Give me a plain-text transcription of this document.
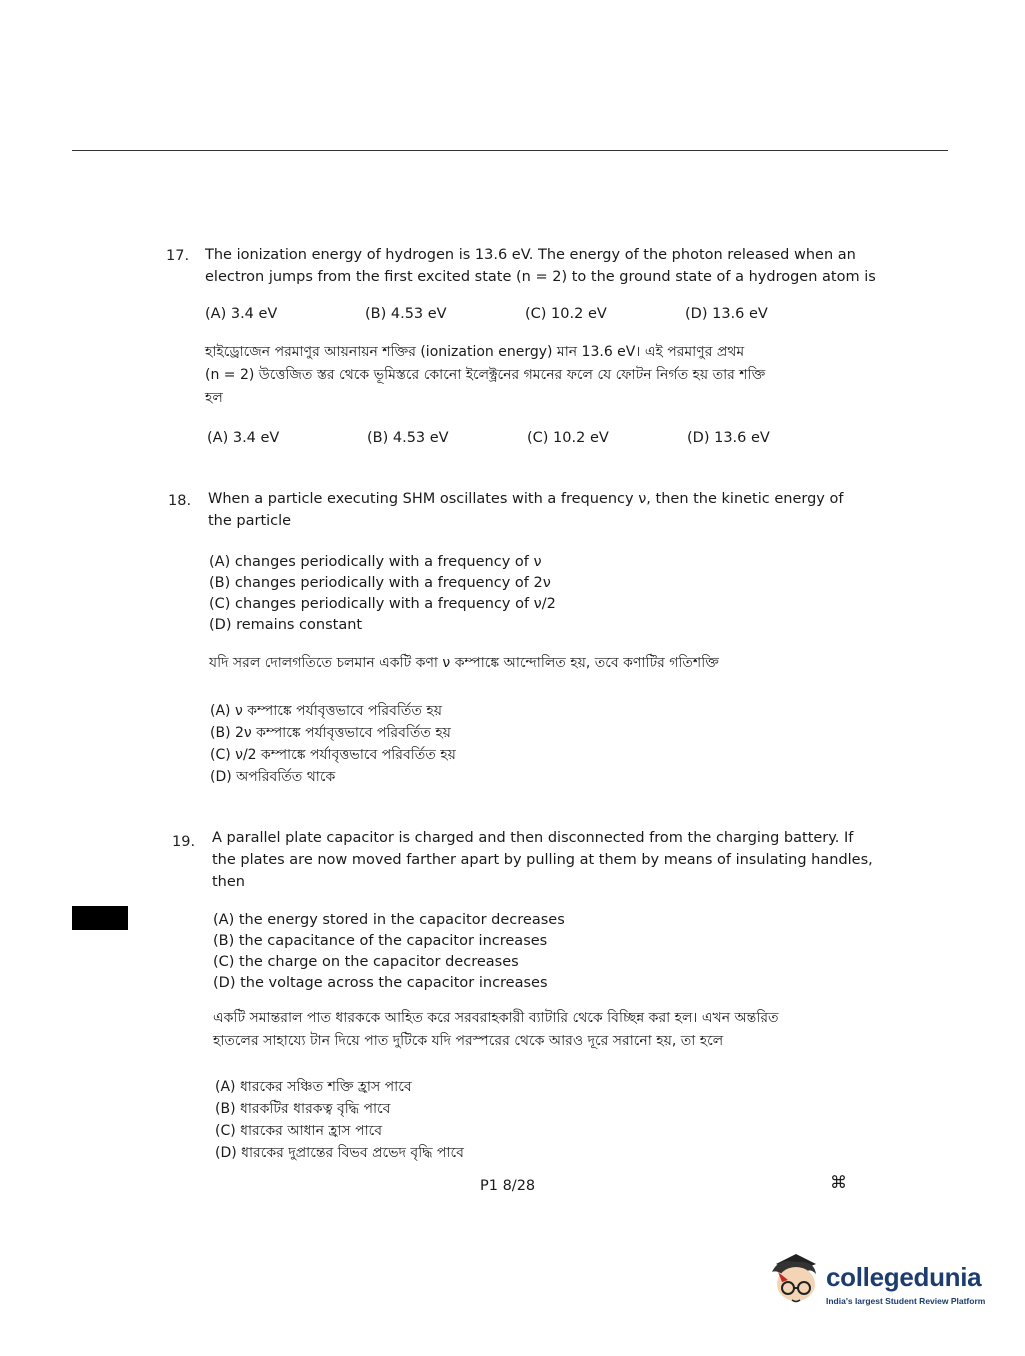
17. The ionization energy of hydrogen is 13.6 eV. The energy of the photon released when an
electron jumps from the first excited state (n = 2) to the ground state of a hydrogen atom is
(A) 3.4 eV	(B) 4.53 eV	(C) 10.2 eV	(D) 13.6 eV
হাইড্রোজেন পরমাণুর আয়নায়ন শক্তির (ionization energy) মান 13.6 eV। এই পরমাণুর প্রথম
(n = 2) উত্তেজিত স্তর থেকে ভূমিস্তরে কোনো ইলেক্ট্রনের গমনের ফলে যে ফোটন নির্গত হয় তার শক্তি
হল
(A) 3.4 eV	(B) 4.53 eV	(C) 10.2 eV	(D) 13.6 eV
18. When a particle executing SHM oscillates with a frequency ν, then the kinetic energy of
the particle
(A) changes periodically with a frequency of ν
(B) changes periodically with a frequency of 2ν
(C) changes periodically with a frequency of ν/2
(D) remains constant
যদি সরল দোলগতিতে চলমান একটি কণা ν কম্পাঙ্কে আন্দোলিত হয়, তবে কণাটির গতিশক্তি
(A) ν কম্পাঙ্কে পর্যাবৃত্তভাবে পরিবর্তিত হয়
(B) 2ν কম্পাঙ্কে পর্যাবৃত্তভাবে পরিবর্তিত হয়
(C) ν/2 কম্পাঙ্কে পর্যাবৃত্তভাবে পরিবর্তিত হয়
(D) অপরিবর্তিত থাকে
19. A parallel plate capacitor is charged and then disconnected from the charging battery. If
the plates are now moved farther apart by pulling at them by means of insulating handles,
then
(A) the energy stored in the capacitor decreases
(B) the capacitance of the capacitor increases
(C) the charge on the capacitor decreases
(D) the voltage across the capacitor increases
একটি সমান্তরাল পাত ধারককে আহিত করে সরবরাহকারী ব্যাটারি থেকে বিচ্ছিন্ন করা হল। এখন অন্তরিত
হাতলের সাহায্যে টান দিয়ে পাত দুটিকে যদি পরস্পরের থেকে আরও দূরে সরানো হয়, তা হলে
(A) ধারকের সঞ্চিত শক্তি হ্রাস পাবে
(B) ধারকটির ধারকত্ব বৃদ্ধি পাবে
(C) ধারকের আধান হ্রাস পাবে
(D) ধারকের দুপ্রান্তের বিভব প্রভেদ বৃদ্ধি পাবে
P1 8/28	⌘
collegedunia
India's largest Student Review Platform
